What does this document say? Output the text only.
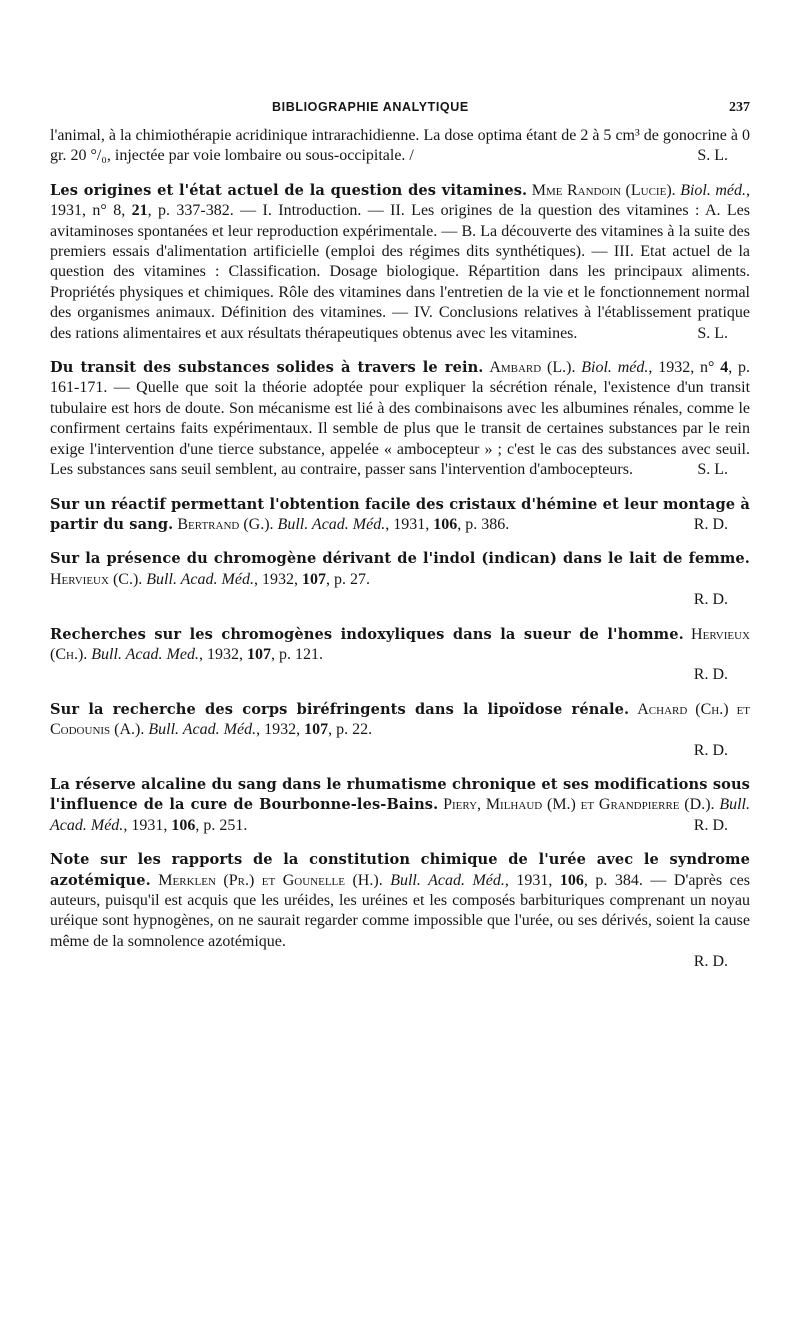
BIBLIOGRAPHIE ANALYTIQUE	237

l'animal, à la chimiothérapie acridinique intrarachidienne. La dose optima étant de 2 à 5 cm³ de gonocrine à 0 gr. 20 °/₀, injectée par voie lombaire ou sous-occipitale. /	S. L.

Les origines et l'état actuel de la question des vitamines. Mme Randoin (Lucie). Biol. méd., 1931, n° 8, 21, p. 337-382. — I. Introduction. — II. Les origines de la question des vitamines : A. Les avitaminoses spontanées et leur reproduction expérimentale. — B. La découverte des vitamines à la suite des premiers essais d'alimentation artificielle (emploi des régimes dits synthétiques). — III. Etat actuel de la question des vitamines : Classification. Dosage biologique. Répartition dans les principaux aliments. Propriétés physiques et chimiques. Rôle des vitamines dans l'entretien de la vie et le fonctionnement normal des organismes animaux. Définition des vitamines. — IV. Conclusions relatives à l'établissement pratique des rations alimentaires et aux résultats thérapeutiques obtenus avec les vitamines.	S. L.

Du transit des substances solides à travers le rein. Ambard (L.). Biol. méd., 1932, n° 4, p. 161-171. — Quelle que soit la théorie adoptée pour expliquer la sécrétion rénale, l'existence d'un transit tubulaire est hors de doute. Son mécanisme est lié à des combinaisons avec les albumines rénales, comme le confirment certains faits expérimentaux. Il semble de plus que le transit de certaines substances par le rein exige l'intervention d'une tierce substance, appelée « ambocepteur » ; c'est le cas des substances avec seuil. Les substances sans seuil semblent, au contraire, passer sans l'intervention d'ambocepteurs.	S. L.

Sur un réactif permettant l'obtention facile des cristaux d'hémine et leur montage à partir du sang. Bertrand (G.). Bull. Acad. Méd., 1931, 106, p. 386.	R. D.

Sur la présence du chromogène dérivant de l'indol (indican) dans le lait de femme. Hervieux (C.). Bull. Acad. Méd., 1932, 107, p. 27.
R. D.

Recherches sur les chromogènes indoxyliques dans la sueur de l'homme. Hervieux (Ch.). Bull. Acad. Med., 1932, 107, p. 121.
R. D.

Sur la recherche des corps biréfringents dans la lipoïdose rénale. Achard (Ch.) et Codounis (A.). Bull. Acad. Méd., 1932, 107, p. 22.
R. D.

La réserve alcaline du sang dans le rhumatisme chronique et ses modifications sous l'influence de la cure de Bourbonne-les-Bains. Piery, Milhaud (M.) et Grandpierre (D.). Bull. Acad. Méd., 1931, 106, p. 251.	R. D.

Note sur les rapports de la constitution chimique de l'urée avec le syndrome azotémique. Merklen (Pr.) et Gounelle (H.). Bull. Acad. Méd., 1931, 106, p. 384. — D'après ces auteurs, puisqu'il est acquis que les uréides, les uréines et les composés barbituriques comprenant un noyau uréique sont hypnogènes, on ne saurait regarder comme impossible que l'urée, ou ses dérivés, soient la cause même de la somnolence azotémique.
R. D.
